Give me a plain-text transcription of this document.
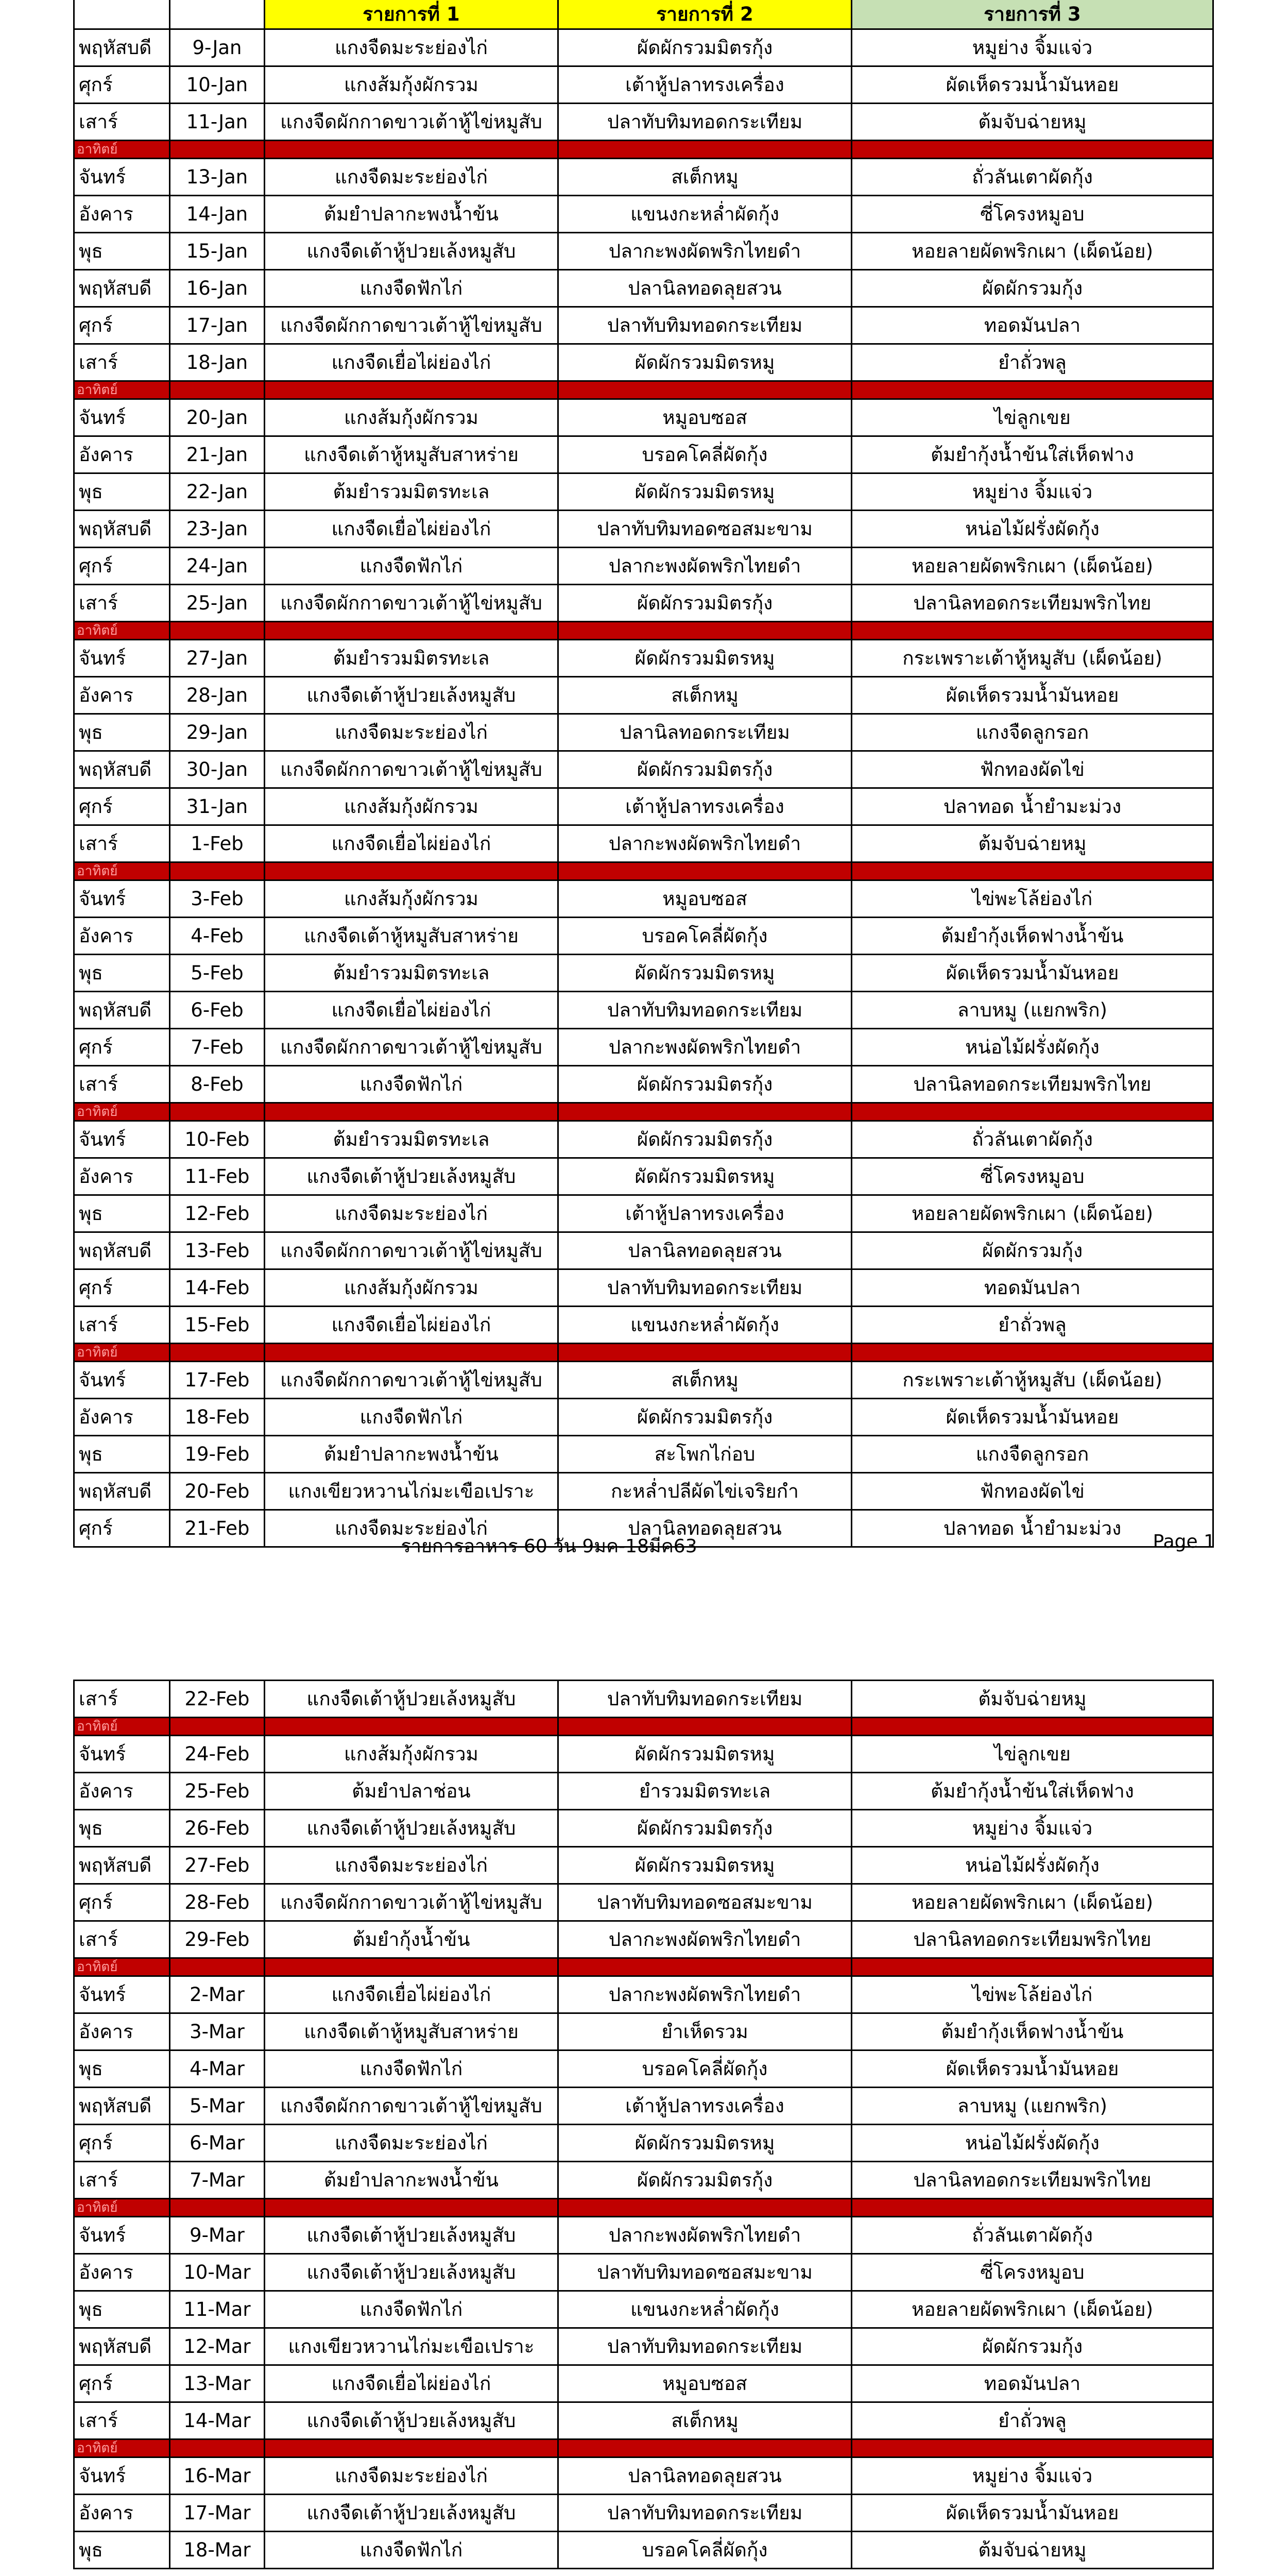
		รายการที่ 1	รายการที่ 2	รายการที่ 3
พฤหัสบดี	9-Jan	แกงจืดมะระย่องไก่	ผัดผักรวมมิตรกุ้ง	หมูย่าง จิ้มแจ่ว
ศุกร์	10-Jan	แกงส้มกุ้งผักรวม	เต้าหู้ปลาทรงเครื่อง	ผัดเห็ดรวมน้ำมันหอย
เสาร์	11-Jan	แกงจืดผักกาดขาวเต้าหู้ไข่หมูสับ	ปลาทับทิมทอดกระเทียม	ต้มจับฉ่ายหมู
อาทิตย์				
จันทร์	13-Jan	แกงจืดมะระย่องไก่	สเต็กหมู	ถั่วลันเตาผัดกุ้ง
อังคาร	14-Jan	ต้มยำปลากะพงน้ำข้น	แขนงกะหล่ำผัดกุ้ง	ซี่โครงหมูอบ
พุธ	15-Jan	แกงจืดเต้าหู้ปวยเล้งหมูสับ	ปลากะพงผัดพริกไทยดำ	หอยลายผัดพริกเผา (เผ็ดน้อย)
พฤหัสบดี	16-Jan	แกงจืดฟักไก่	ปลานิลทอดลุยสวน	ผัดผักรวมกุ้ง
ศุกร์	17-Jan	แกงจืดผักกาดขาวเต้าหู้ไข่หมูสับ	ปลาทับทิมทอดกระเทียม	ทอดมันปลา
เสาร์	18-Jan	แกงจืดเยื่อไผ่ย่องไก่	ผัดผักรวมมิตรหมู	ยำถั่วพลู
อาทิตย์				
จันทร์	20-Jan	แกงส้มกุ้งผักรวม	หมูอบซอส	ไข่ลูกเขย
อังคาร	21-Jan	แกงจืดเต้าหู้หมูสับสาหร่าย	บรอคโคลี่ผัดกุ้ง	ต้มยำกุ้งน้ำข้นใส่เห็ดฟาง
พุธ	22-Jan	ต้มยำรวมมิตรทะเล	ผัดผักรวมมิตรหมู	หมูย่าง จิ้มแจ่ว
พฤหัสบดี	23-Jan	แกงจืดเยื่อไผ่ย่องไก่	ปลาทับทิมทอดซอสมะขาม	หน่อไม้ฝรั่งผัดกุ้ง
ศุกร์	24-Jan	แกงจืดฟักไก่	ปลากะพงผัดพริกไทยดำ	หอยลายผัดพริกเผา (เผ็ดน้อย)
เสาร์	25-Jan	แกงจืดผักกาดขาวเต้าหู้ไข่หมูสับ	ผัดผักรวมมิตรกุ้ง	ปลานิลทอดกระเทียมพริกไทย
อาทิตย์				
จันทร์	27-Jan	ต้มยำรวมมิตรทะเล	ผัดผักรวมมิตรหมู	กระเพราะเต้าหู้หมูสับ (เผ็ดน้อย)
อังคาร	28-Jan	แกงจืดเต้าหู้ปวยเล้งหมูสับ	สเต็กหมู	ผัดเห็ดรวมน้ำมันหอย
พุธ	29-Jan	แกงจืดมะระย่องไก่	ปลานิลทอดกระเทียม	แกงจืดลูกรอก
พฤหัสบดี	30-Jan	แกงจืดผักกาดขาวเต้าหู้ไข่หมูสับ	ผัดผักรวมมิตรกุ้ง	ฟักทองผัดไข่
ศุกร์	31-Jan	แกงส้มกุ้งผักรวม	เต้าหู้ปลาทรงเครื่อง	ปลาทอด น้ำยำมะม่วง
เสาร์	1-Feb	แกงจืดเยื่อไผ่ย่องไก่	ปลากะพงผัดพริกไทยดำ	ต้มจับฉ่ายหมู
อาทิตย์				
จันทร์	3-Feb	แกงส้มกุ้งผักรวม	หมูอบซอส	ไข่พะโล้ย่องไก่
อังคาร	4-Feb	แกงจืดเต้าหู้หมูสับสาหร่าย	บรอคโคลี่ผัดกุ้ง	ต้มยำกุ้งเห็ดฟางน้ำข้น
พุธ	5-Feb	ต้มยำรวมมิตรทะเล	ผัดผักรวมมิตรหมู	ผัดเห็ดรวมน้ำมันหอย
พฤหัสบดี	6-Feb	แกงจืดเยื่อไผ่ย่องไก่	ปลาทับทิมทอดกระเทียม	ลาบหมู (แยกพริก)
ศุกร์	7-Feb	แกงจืดผักกาดขาวเต้าหู้ไข่หมูสับ	ปลากะพงผัดพริกไทยดำ	หน่อไม้ฝรั่งผัดกุ้ง
เสาร์	8-Feb	แกงจืดฟักไก่	ผัดผักรวมมิตรกุ้ง	ปลานิลทอดกระเทียมพริกไทย
อาทิตย์				
จันทร์	10-Feb	ต้มยำรวมมิตรทะเล	ผัดผักรวมมิตรกุ้ง	ถั่วลันเตาผัดกุ้ง
อังคาร	11-Feb	แกงจืดเต้าหู้ปวยเล้งหมูสับ	ผัดผักรวมมิตรหมู	ซี่โครงหมูอบ
พุธ	12-Feb	แกงจืดมะระย่องไก่	เต้าหู้ปลาทรงเครื่อง	หอยลายผัดพริกเผา (เผ็ดน้อย)
พฤหัสบดี	13-Feb	แกงจืดผักกาดขาวเต้าหู้ไข่หมูสับ	ปลานิลทอดลุยสวน	ผัดผักรวมกุ้ง
ศุกร์	14-Feb	แกงส้มกุ้งผักรวม	ปลาทับทิมทอดกระเทียม	ทอดมันปลา
เสาร์	15-Feb	แกงจืดเยื่อไผ่ย่องไก่	แขนงกะหล่ำผัดกุ้ง	ยำถั่วพลู
อาทิตย์				
จันทร์	17-Feb	แกงจืดผักกาดขาวเต้าหู้ไข่หมูสับ	สเต็กหมู	กระเพราะเต้าหู้หมูสับ (เผ็ดน้อย)
อังคาร	18-Feb	แกงจืดฟักไก่	ผัดผักรวมมิตรกุ้ง	ผัดเห็ดรวมน้ำมันหอย
พุธ	19-Feb	ต้มยำปลากะพงน้ำข้น	สะโพกไก่อบ	แกงจืดลูกรอก
พฤหัสบดี	20-Feb	แกงเขียวหวานไก่มะเขือเปราะ	กะหล่ำปลีผัดไข่เจริยกำ	ฟักทองผัดไข่
ศุกร์	21-Feb	แกงจืดมะระย่องไก่	ปลานิลทอดลุยสวน	ปลาทอด น้ำยำมะม่วง
รายการอาหาร 60 วัน 9มค-18มีค63	Page 1
เสาร์	22-Feb	แกงจืดเต้าหู้ปวยเล้งหมูสับ	ปลาทับทิมทอดกระเทียม	ต้มจับฉ่ายหมู
อาทิตย์				
จันทร์	24-Feb	แกงส้มกุ้งผักรวม	ผัดผักรวมมิตรหมู	ไข่ลูกเขย
อังคาร	25-Feb	ต้มยำปลาช่อน	ยำรวมมิตรทะเล	ต้มยำกุ้งน้ำข้นใส่เห็ดฟาง
พุธ	26-Feb	แกงจืดเต้าหู้ปวยเล้งหมูสับ	ผัดผักรวมมิตรกุ้ง	หมูย่าง จิ้มแจ่ว
พฤหัสบดี	27-Feb	แกงจืดมะระย่องไก่	ผัดผักรวมมิตรหมู	หน่อไม้ฝรั่งผัดกุ้ง
ศุกร์	28-Feb	แกงจืดผักกาดขาวเต้าหู้ไข่หมูสับ	ปลาทับทิมทอดซอสมะขาม	หอยลายผัดพริกเผา (เผ็ดน้อย)
เสาร์	29-Feb	ต้มยำกุ้งน้ำข้น	ปลากะพงผัดพริกไทยดำ	ปลานิลทอดกระเทียมพริกไทย
อาทิตย์				
จันทร์	2-Mar	แกงจืดเยื่อไผ่ย่องไก่	ปลากะพงผัดพริกไทยดำ	ไข่พะโล้ย่องไก่
อังคาร	3-Mar	แกงจืดเต้าหู้หมูสับสาหร่าย	ยำเห็ดรวม	ต้มยำกุ้งเห็ดฟางน้ำข้น
พุธ	4-Mar	แกงจืดฟักไก่	บรอคโคลี่ผัดกุ้ง	ผัดเห็ดรวมน้ำมันหอย
พฤหัสบดี	5-Mar	แกงจืดผักกาดขาวเต้าหู้ไข่หมูสับ	เต้าหู้ปลาทรงเครื่อง	ลาบหมู (แยกพริก)
ศุกร์	6-Mar	แกงจืดมะระย่องไก่	ผัดผักรวมมิตรหมู	หน่อไม้ฝรั่งผัดกุ้ง
เสาร์	7-Mar	ต้มยำปลากะพงน้ำข้น	ผัดผักรวมมิตรกุ้ง	ปลานิลทอดกระเทียมพริกไทย
อาทิตย์				
จันทร์	9-Mar	แกงจืดเต้าหู้ปวยเล้งหมูสับ	ปลากะพงผัดพริกไทยดำ	ถั่วลันเตาผัดกุ้ง
อังคาร	10-Mar	แกงจืดเต้าหู้ปวยเล้งหมูสับ	ปลาทับทิมทอดซอสมะขาม	ซี่โครงหมูอบ
พุธ	11-Mar	แกงจืดฟักไก่	แขนงกะหล่ำผัดกุ้ง	หอยลายผัดพริกเผา (เผ็ดน้อย)
พฤหัสบดี	12-Mar	แกงเขียวหวานไก่มะเขือเปราะ	ปลาทับทิมทอดกระเทียม	ผัดผักรวมกุ้ง
ศุกร์	13-Mar	แกงจืดเยื่อไผ่ย่องไก่	หมูอบซอส	ทอดมันปลา
เสาร์	14-Mar	แกงจืดเต้าหู้ปวยเล้งหมูสับ	สเต็กหมู	ยำถั่วพลู
อาทิตย์				
จันทร์	16-Mar	แกงจืดมะระย่องไก่	ปลานิลทอดลุยสวน	หมูย่าง จิ้มแจ่ว
อังคาร	17-Mar	แกงจืดเต้าหู้ปวยเล้งหมูสับ	ปลาทับทิมทอดกระเทียม	ผัดเห็ดรวมน้ำมันหอย
พุธ	18-Mar	แกงจืดฟักไก่	บรอคโคลี่ผัดกุ้ง	ต้มจับฉ่ายหมู
